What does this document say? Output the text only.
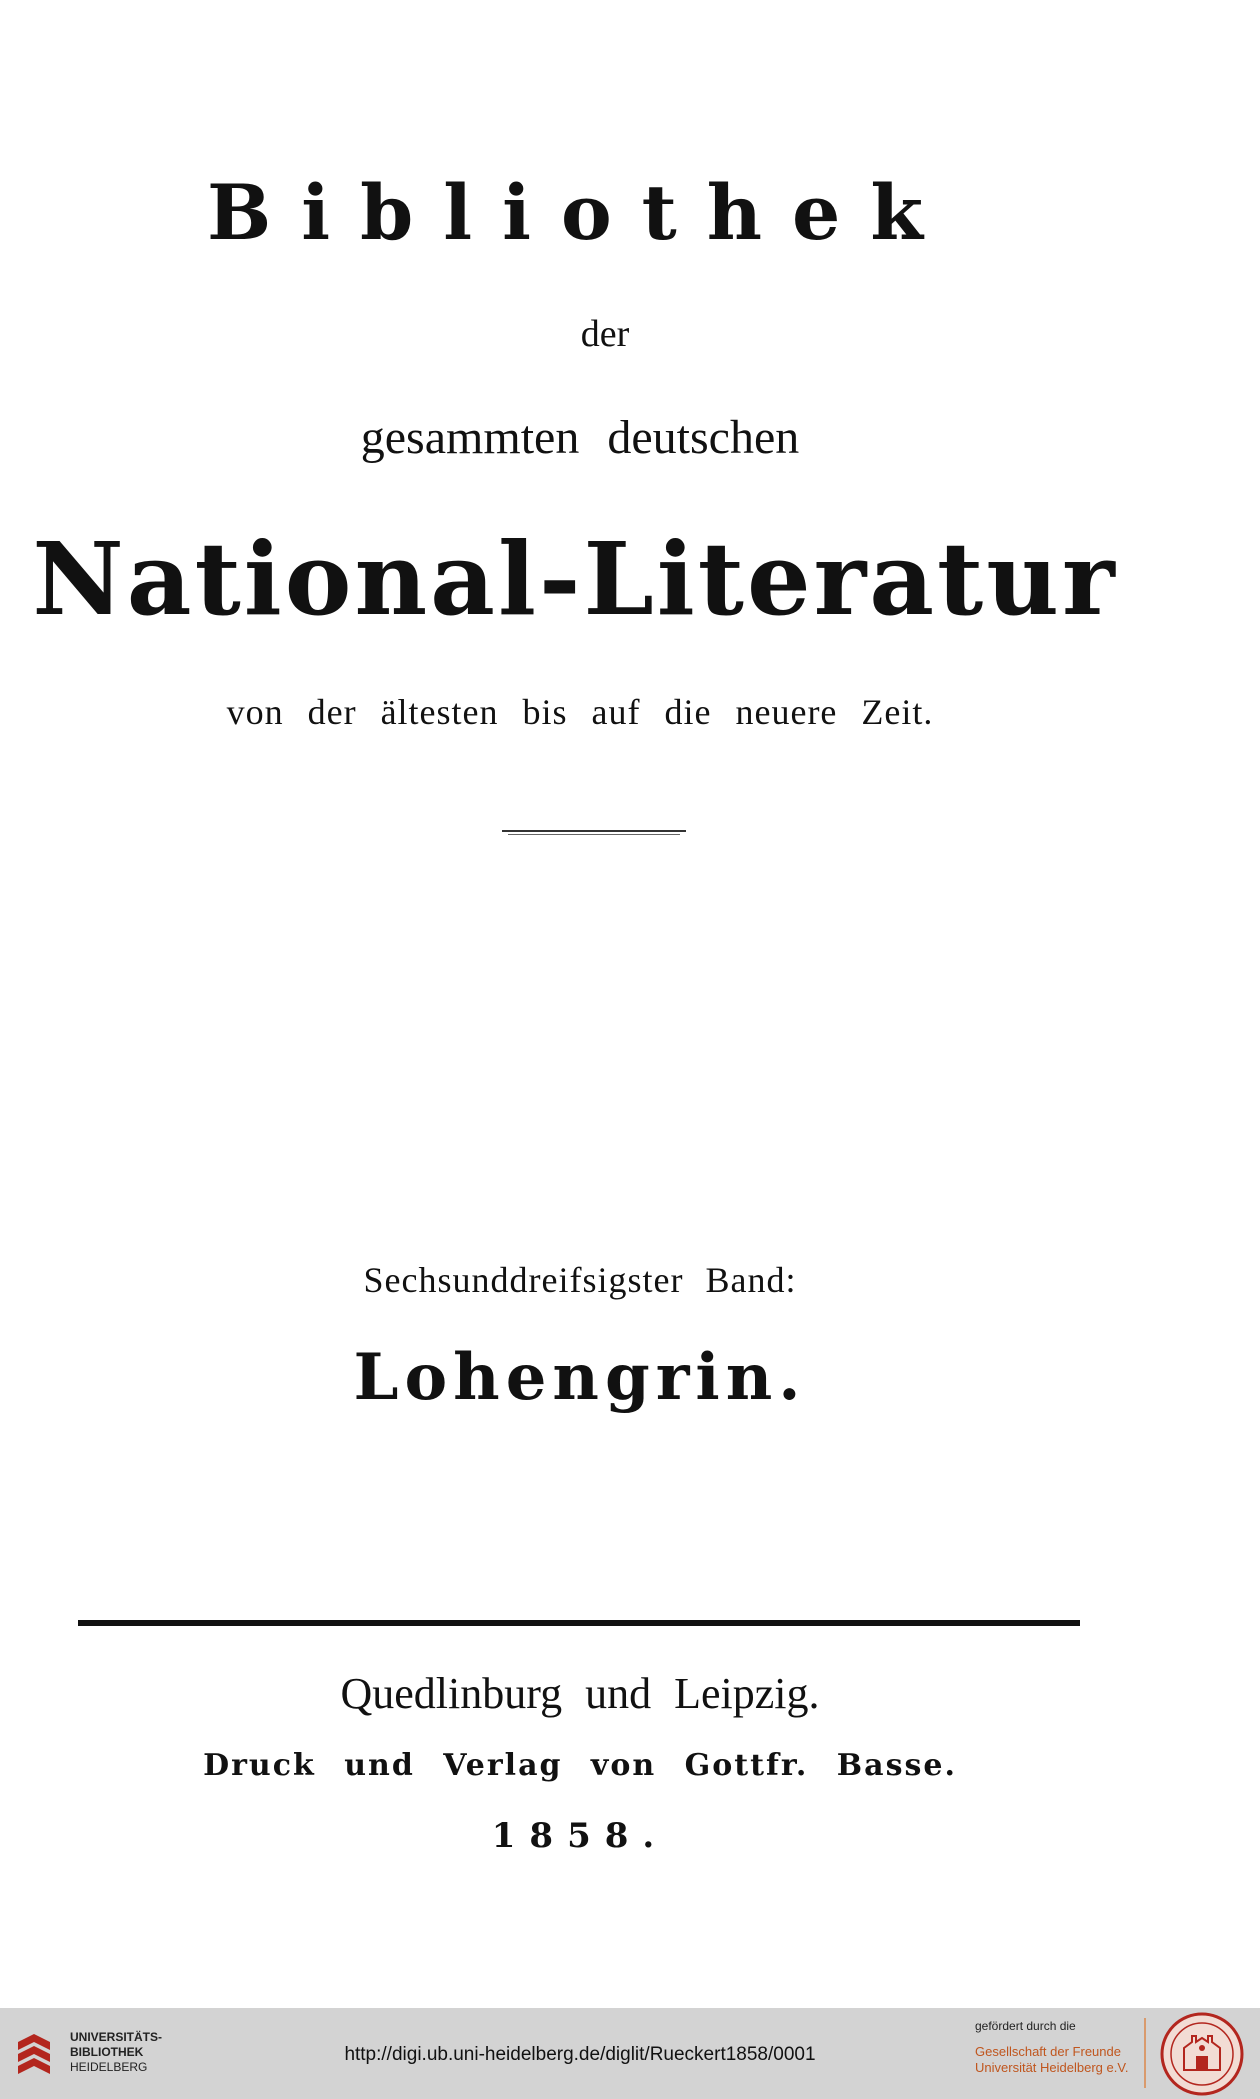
Bibliothek
der
gesammten deutschen
National-Literatur
von der ältesten bis auf die neuere Zeit.
Sechsunddreifsigster Band:
Lohengrin.
Quedlinburg und Leipzig.
Druck und Verlag von Gottfr. Basse.
1858.
UNIVERSITÄTS-
BIBLIOTHEK
HEIDELBERG
http://digi.ub.uni-heidelberg.de/diglit/Rueckert1858/0001
gefördert durch die
Gesellschaft der Freunde
Universität Heidelberg e.V.
